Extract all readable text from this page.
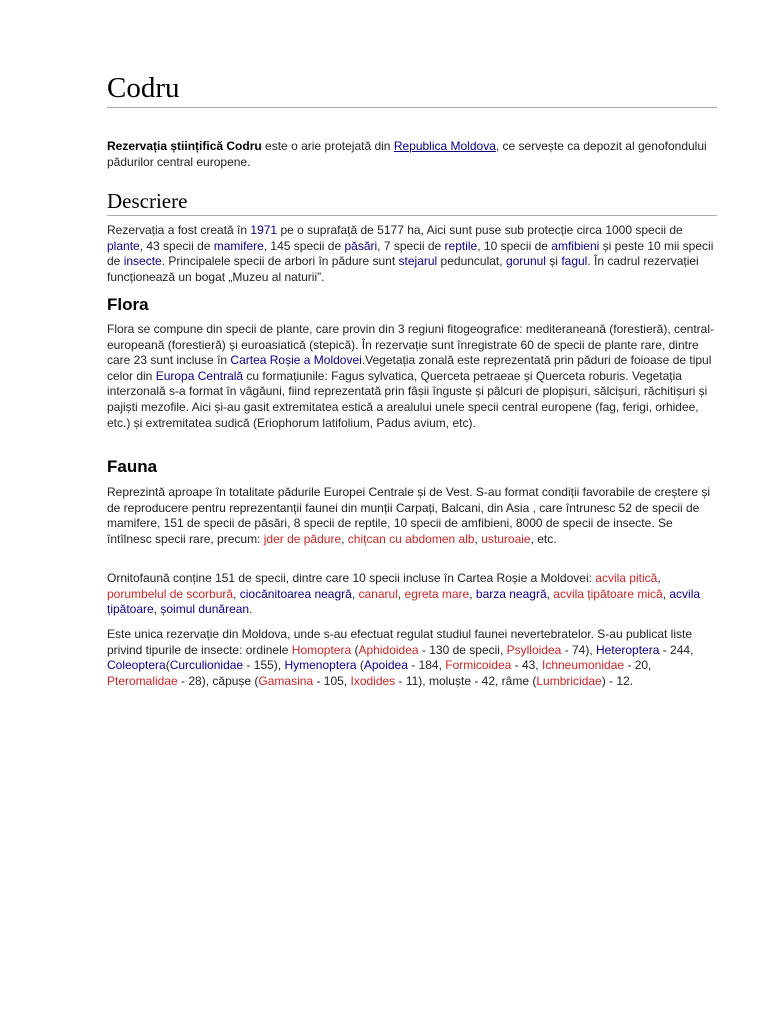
Codru

Rezervația științifică Codru este o arie protejată din Republica Moldova, ce servește ca depozit al genofondului pădurilor central europene.

Descriere

Rezervația a fost creată în 1971 pe o suprafață de 5177 ha, Aici sunt puse sub protecție circa 1000 specii de plante, 43 specii de mamifere, 145 specii de păsări, 7 specii de reptile, 10 specii de amfibieni și peste 10 mii specii de insecte. Principalele specii de arbori în pădure sunt stejarul pedunculat, gorunul și fagul. În cadrul rezervației funcționează un bogat „Muzeu al naturii”.

Flora

Flora se compune din specii de plante, care provin din 3 regiuni fitogeografice: mediteraneană (forestieră), central-europeană (forestieră) și euroasiatică (stepică). În rezervație sunt înregistrate 60 de specii de plante rare, dintre care 23 sunt incluse în Cartea Roșie a Moldovei.Vegetația zonală este reprezentată prin păduri de foioase de tipul celor din Europa Centrală cu formațiunile: Fagus sylvatica, Querceta petraeae și Querceta roburis. Vegetația interzonală s-a format în vâgăuni, fiind reprezentată prin fâșii înguste și pâlcuri de plopișuri, sălcișuri, răchitișuri și pajiști mezofile. Aici și-au gasit extremitatea estică a arealului unele specii central europene (fag, ferigi, orhidee, etc.) și extremitatea sudică (Eriophorum latifolium, Padus avium, etc).

Fauna

Reprezintă aproape în totalitate pădurile Europei Centrale și de Vest. S-au format condiții favorabile de creștere și de reproducere pentru reprezentanții faunei din munții Carpați, Balcani, din Asia , care întrunesc 52 de specii de mamifere, 151 de specii de păsări, 8 specii de reptile, 10 specii de amfibieni, 8000 de specii de insecte. Se întîlnesc specii rare, precum: jder de pădure, chițcan cu abdomen alb, usturoaie, etc.

Ornitofaună conține 151 de specii, dintre care 10 specii incluse în Cartea Roșie a Moldovei: acvila pitică, porumbelul de scorbură, ciocănitoarea neagră, canarul, egreta mare, barza neagră, acvila țipătoare mică, acvila țipătoare, șoimul dunărean.

Este unica rezervație din Moldova, unde s-au efectuat regulat studiul faunei nevertebratelor. S-au publicat liste privind tipurile de insecte: ordinele Homoptera (Aphidoidea - 130 de specii, Psylloidea - 74), Heteroptera - 244, Coleoptera(Curculionidae - 155), Hymenoptera (Apoidea - 184, Formicoidea - 43, Ichneumonidae - 20, Pteromalidae - 28), căpușe (Gamasina - 105, Ixodides - 11), moluște - 42, râme (Lumbricidae) - 12.
